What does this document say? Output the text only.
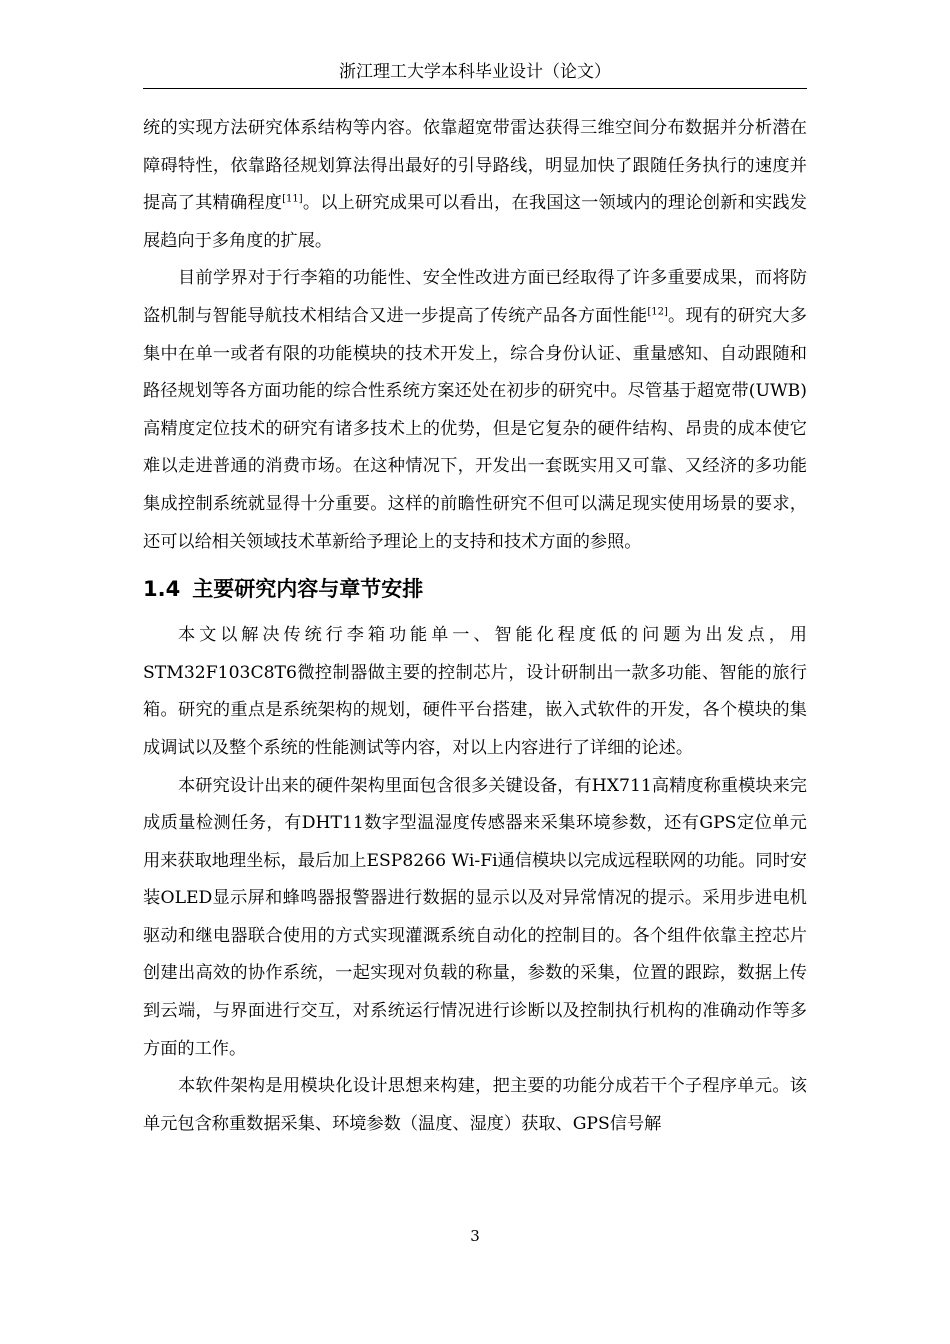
浙江理工大学本科毕业设计（论文）

统的实现方法研究体系结构等内容。依靠超宽带雷达获得三维空间分布数据并分析潜在障碍特性，依靠路径规划算法得出最好的引导路线，明显加快了跟随任务执行的速度并提高了其精确程度[11]。以上研究成果可以看出，在我国这一领域内的理论创新和实践发展趋向于多角度的扩展。

目前学界对于行李箱的功能性、安全性改进方面已经取得了许多重要成果，而将防盗机制与智能导航技术相结合又进一步提高了传统产品各方面性能[12]。现有的研究大多集中在单一或者有限的功能模块的技术开发上，综合身份认证、重量感知、自动跟随和路径规划等各方面功能的综合性系统方案还处在初步的研究中。尽管基于超宽带(UWB)高精度定位技术的研究有诸多技术上的优势，但是它复杂的硬件结构、昂贵的成本使它难以走进普通的消费市场。在这种情况下，开发出一套既实用又可靠、又经济的多功能集成控制系统就显得十分重要。这样的前瞻性研究不但可以满足现实使用场景的要求，还可以给相关领域技术革新给予理论上的支持和技术方面的参照。

1.4 主要研究内容与章节安排

本文以解决传统行李箱功能单一、智能化程度低的问题为出发点，用STM32F103C8T6微控制器做主要的控制芯片，设计研制出一款多功能、智能的旅行箱。研究的重点是系统架构的规划，硬件平台搭建，嵌入式软件的开发，各个模块的集成调试以及整个系统的性能测试等内容，对以上内容进行了详细的论述。

本研究设计出来的硬件架构里面包含很多关键设备，有HX711高精度称重模块来完成质量检测任务，有DHT11数字型温湿度传感器来采集环境参数，还有GPS定位单元用来获取地理坐标，最后加上ESP8266 Wi-Fi通信模块以完成远程联网的功能。同时安装OLED显示屏和蜂鸣器报警器进行数据的显示以及对异常情况的提示。采用步进电机驱动和继电器联合使用的方式实现灌溉系统自动化的控制目的。各个组件依靠主控芯片创建出高效的协作系统，一起实现对负载的称量，参数的采集，位置的跟踪，数据上传到云端，与界面进行交互，对系统运行情况进行诊断以及控制执行机构的准确动作等多方面的工作。

本软件架构是用模块化设计思想来构建，把主要的功能分成若干个子程序单元。该单元包含称重数据采集、环境参数（温度、湿度）获取、GPS信号解

3
